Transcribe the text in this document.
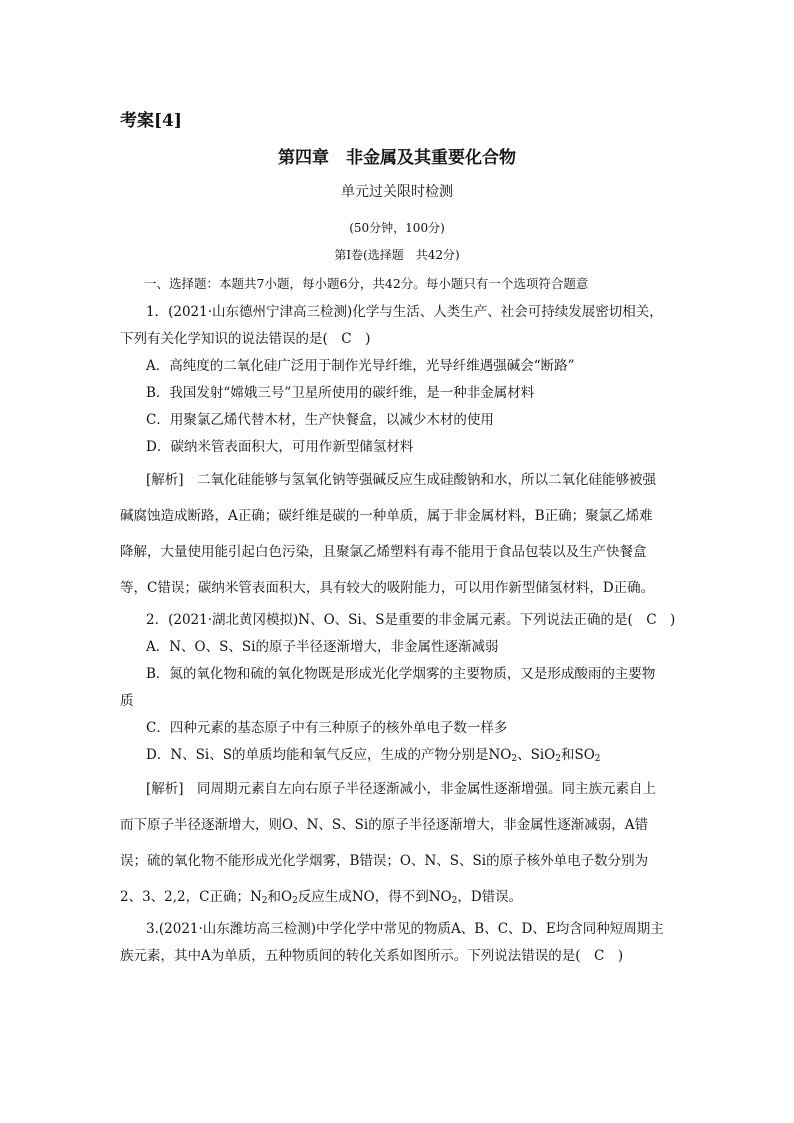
考案[4]
第四章　非金属及其重要化合物
单元过关限时检测
(50分钟，100分)
第Ⅰ卷(选择题　共42分)
一、选择题：本题共7小题，每小题6分，共42分。每小题只有一个选项符合题意
1．(2021·山东德州宁津高三检测)化学与生活、人类生产、社会可持续发展密切相关，
下列有关化学知识的说法错误的是(　C　)
A．高纯度的二氧化硅广泛用于制作光导纤维，光导纤维遇强碱会“断路”
B．我国发射“嫦娥三号”卫星所使用的碳纤维，是一种非金属材料
C．用聚氯乙烯代替木材，生产快餐盒，以减少木材的使用
D．碳纳米管表面积大，可用作新型储氢材料
[解析]　二氧化硅能够与氢氧化钠等强碱反应生成硅酸钠和水，所以二氧化硅能够被强
碱腐蚀造成断路，A正确；碳纤维是碳的一种单质，属于非金属材料，B正确；聚氯乙烯难
降解，大量使用能引起白色污染，且聚氯乙烯塑料有毒不能用于食品包装以及生产快餐盒
等，C错误；碳纳米管表面积大，具有较大的吸附能力，可以用作新型储氢材料，D正确。
2．(2021·湖北黄冈模拟)N、O、Si、S是重要的非金属元素。下列说法正确的是(　C　)
A．N、O、S、Si的原子半径逐渐增大，非金属性逐渐减弱
B．氮的氧化物和硫的氧化物既是形成光化学烟雾的主要物质，又是形成酸雨的主要物
质
C．四种元素的基态原子中有三种原子的核外单电子数一样多
D．N、Si、S的单质均能和氧气反应，生成的产物分别是$NO_2$、SiO$_2$和$SO_2$
[解析]　同周期元素自左向右原子半径逐渐减小，非金属性逐渐增强。同主族元素自上
而下原子半径逐渐增大，则O、N、S、Si的原子半径逐渐增大，非金属性逐渐减弱，A错
误；硫的氧化物不能形成光化学烟雾，B错误；O、N、S、Si的原子核外单电子数分别为
2、3、2,2，C正确；$N_2$和$O_2$反应生成NO，得不到$NO_2$，D错误。
3.(2021·山东潍坊高三检测)中学化学中常见的物质A、B、C、D、E均含同种短周期主
族元素，其中A为单质，五种物质间的转化关系如图所示。下列说法错误的是(　C　)
